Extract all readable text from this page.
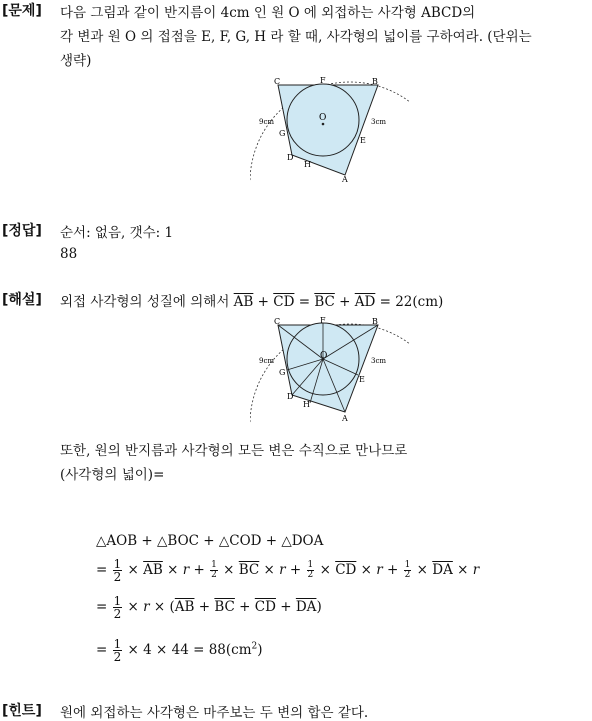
[문제] 다음 그림과 같이 반지름이 4cm 인 원 O 에 외접하는 사각형 ABCD의
각 변과 원 O 의 접점을 E, F, G, H 라 할 때, 사각형의 넓이를 구하여라. (단위는
생략)
C	F	B
O
9cm	3cm
G
E
D
H
A
[정답] 순서: 없음, 갯수: 1
88
[해설] 외접 사각형의 성질에 의해서 $\overline{AB} + \overline{CD} = \overline{BC} + \overline{AD} = 22(cm)$
C	F	B
O
9cm	3cm
G
E
D
H
A
또한, 원의 반지름과 사각형의 모든 변은 수직으로 만나므로
(사각형의 넓이)=
△AOB + △BOC + △COD + △DOA
= $\frac{1}{2} \times \overline{AB} \times r + \frac{1}{2} \times \overline{BC} \times r + \frac{1}{2} \times \overline{CD} \times r + \frac{1}{2} \times \overline{DA} \times r$
= $\frac{1}{2} \times r \times (\overline{AB} + \overline{BC} + \overline{CD} + \overline{DA})$
= $\frac{1}{2} \times 4 \times 44 = 88(cm^2)$
[힌트] 원에 외접하는 사각형은 마주보는 두 변의 합은 같다.
